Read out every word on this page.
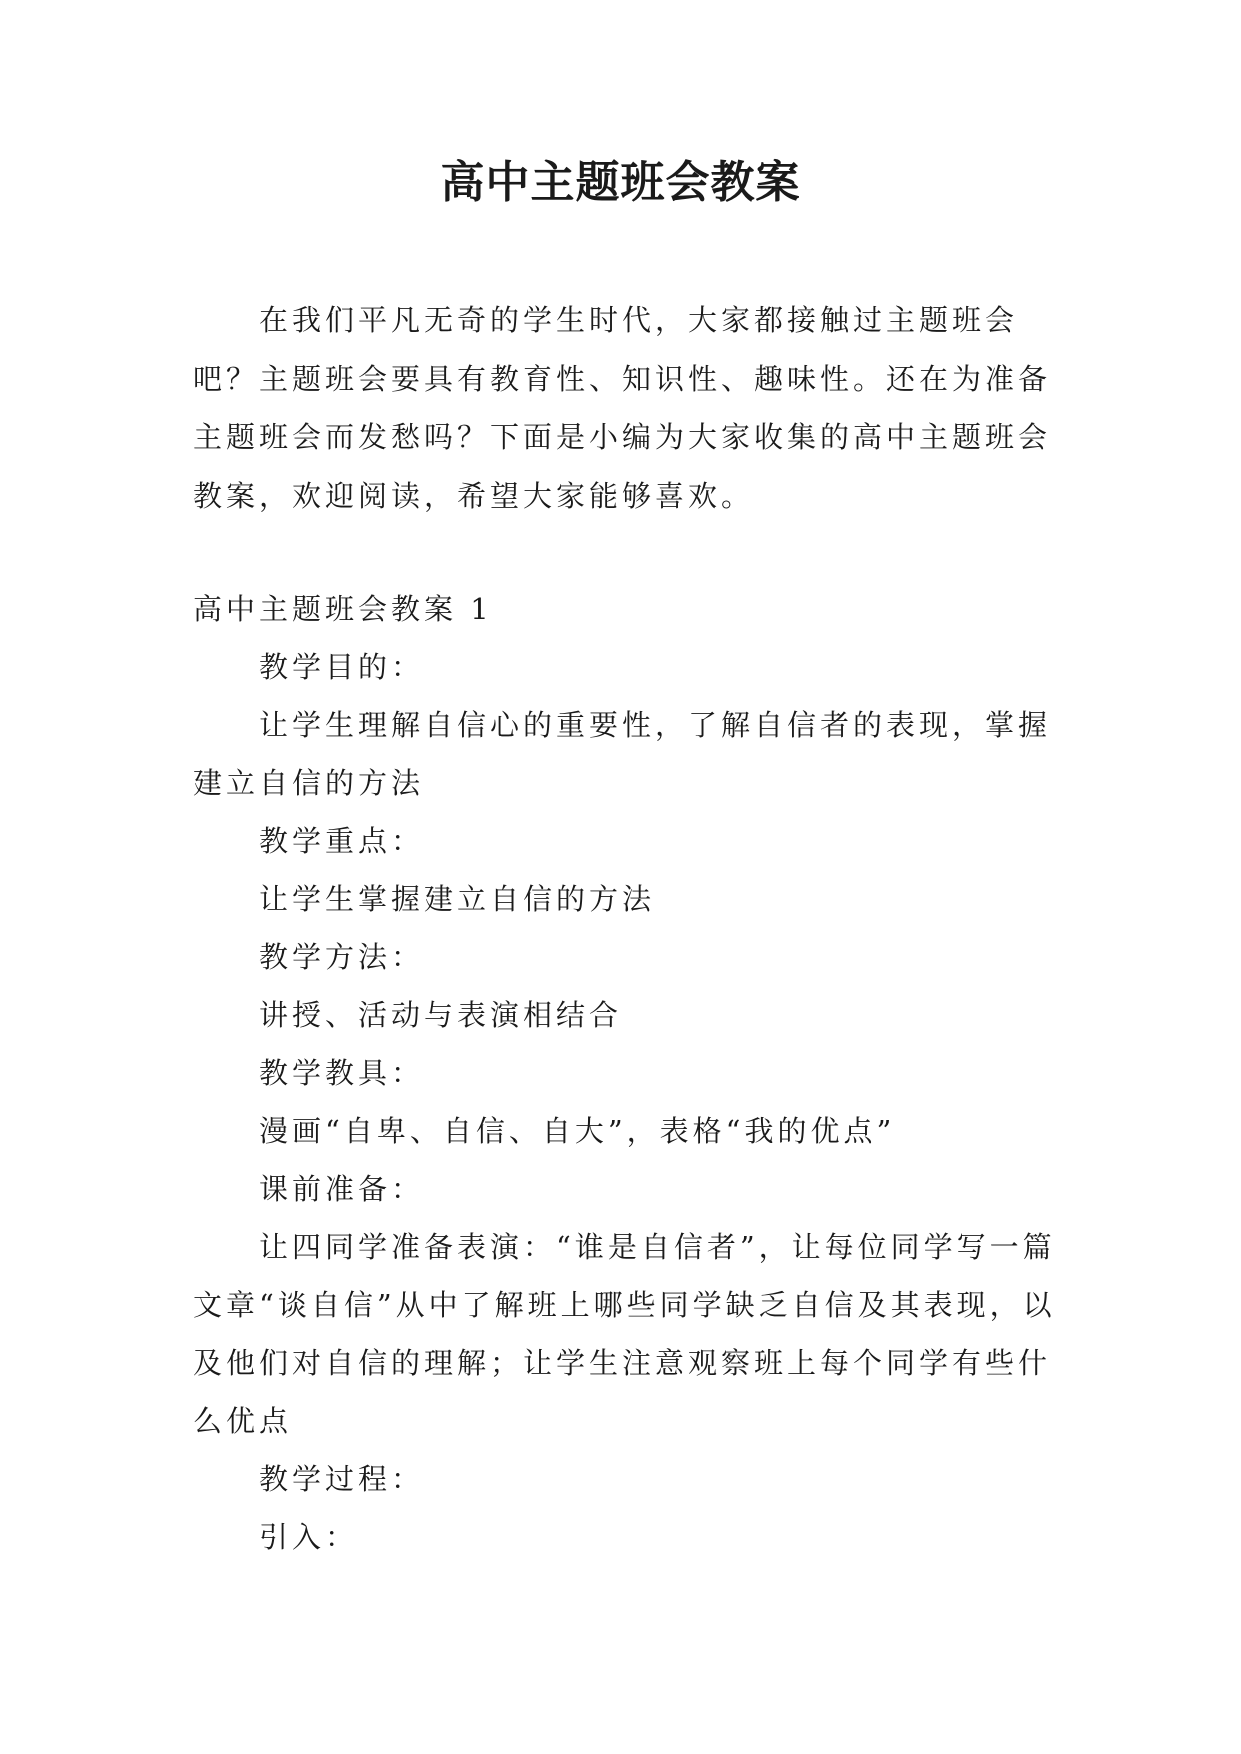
高中主题班会教案

在我们平凡无奇的学生时代，大家都接触过主题班会吧？主题班会要具有教育性、知识性、趣味性。还在为准备主题班会而发愁吗？下面是小编为大家收集的高中主题班会教案，欢迎阅读，希望大家能够喜欢。

高中主题班会教案 1

教学目的：

让学生理解自信心的重要性，了解自信者的表现，掌握建立自信的方法

教学重点：

让学生掌握建立自信的方法

教学方法：

讲授、活动与表演相结合

教学教具：

漫画“自卑、自信、自大”，表格“我的优点”

课前准备：

让四同学准备表演：“谁是自信者”，让每位同学写一篇文章“谈自信”从中了解班上哪些同学缺乏自信及其表现，以及他们对自信的理解；让学生注意观察班上每个同学有些什么优点

教学过程：

引入：
